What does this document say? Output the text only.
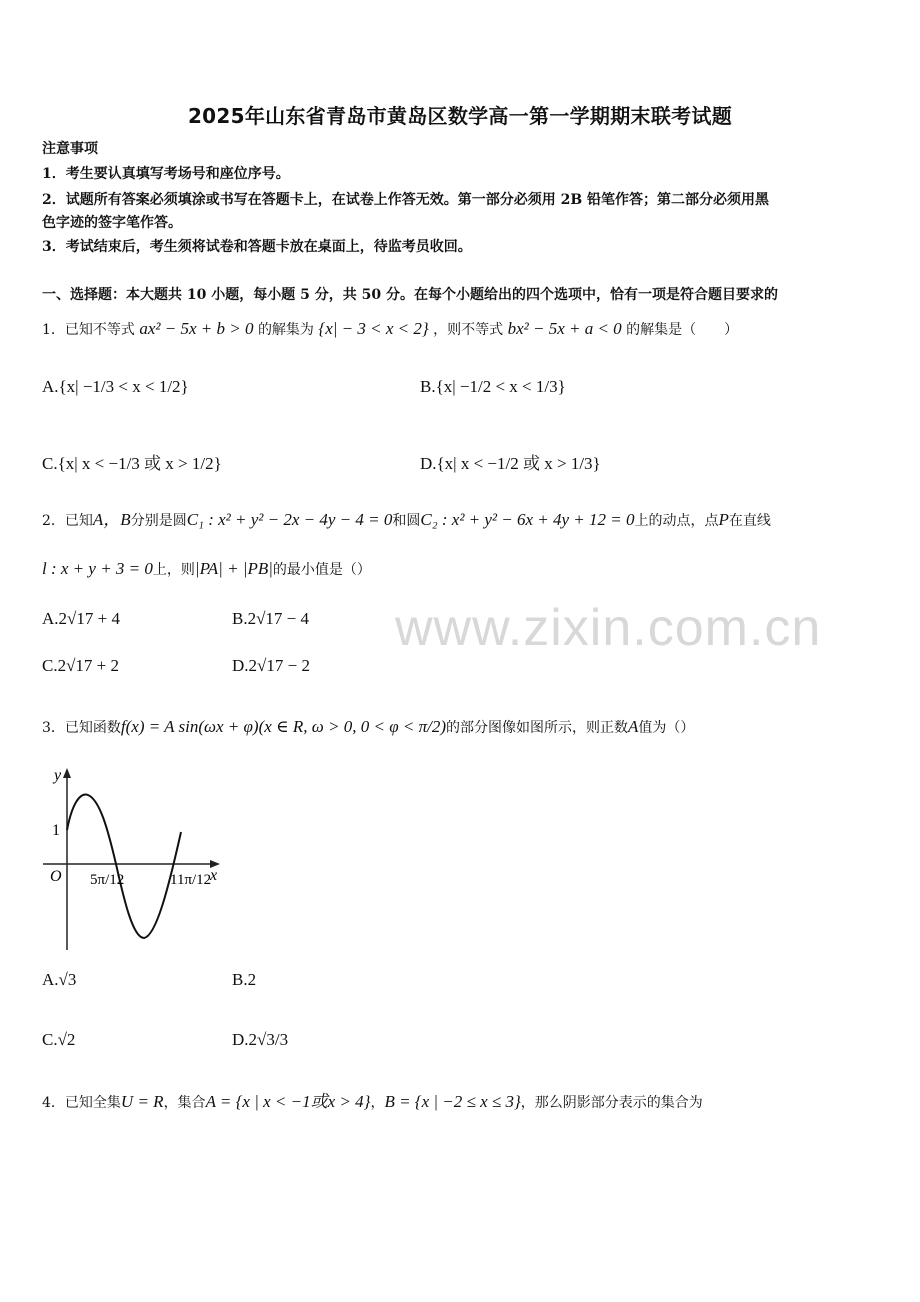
2025年山东省青岛市黄岛区数学高一第一学期期末联考试题
注意事项
1．考生要认真填写考场号和座位序号。
2．试题所有答案必须填涂或书写在答题卡上，在试卷上作答无效。第一部分必须用 2B 铅笔作答；第二部分必须用黑
色字迹的签字笔作答。
3．考试结束后，考生须将试卷和答题卡放在桌面上，待监考员收回。
一、选择题：本大题共 10 小题，每小题 5 分，共 50 分。在每个小题给出的四个选项中，恰有一项是符合题目要求的
1．已知不等式 ax² − 5x + b > 0 的解集为 {x| − 3 < x < 2} ，则不等式 bx² − 5x + a < 0 的解集是（　　）
A.{x| −1/3 < x < 1/2}	B.{x| −1/2 < x < 1/3}
C.{x| x < −1/3 或 x > 1/2}	D.{x| x < −1/2 或 x > 1/3}
2．已知A，B分别是圆C₁ : x² + y² − 2x − 4y − 4 = 0和圆C₂ : x² + y² − 6x + 4y + 12 = 0上的动点，点P在直线
l : x + y + 3 = 0上，则|PA| + |PB|的最小值是（）
A.2√17 + 4	B.2√17 − 4
C.2√17 + 2	D.2√17 − 2
www.zixin.com.cn
3．已知函数f(x) = A sin(ωx + φ)(x ∈ R, ω > 0, 0 < φ < π/2)的部分图像如图所示，则正数A值为（）
y
x
O
1
5π/12	11π/12
A.√3	B.2
C.√2	D.2√3/3
4．已知全集U = R，集合A = {x | x < −1或x > 4}，B = {x | −2 ≤ x ≤ 3}，那么阴影部分表示的集合为
